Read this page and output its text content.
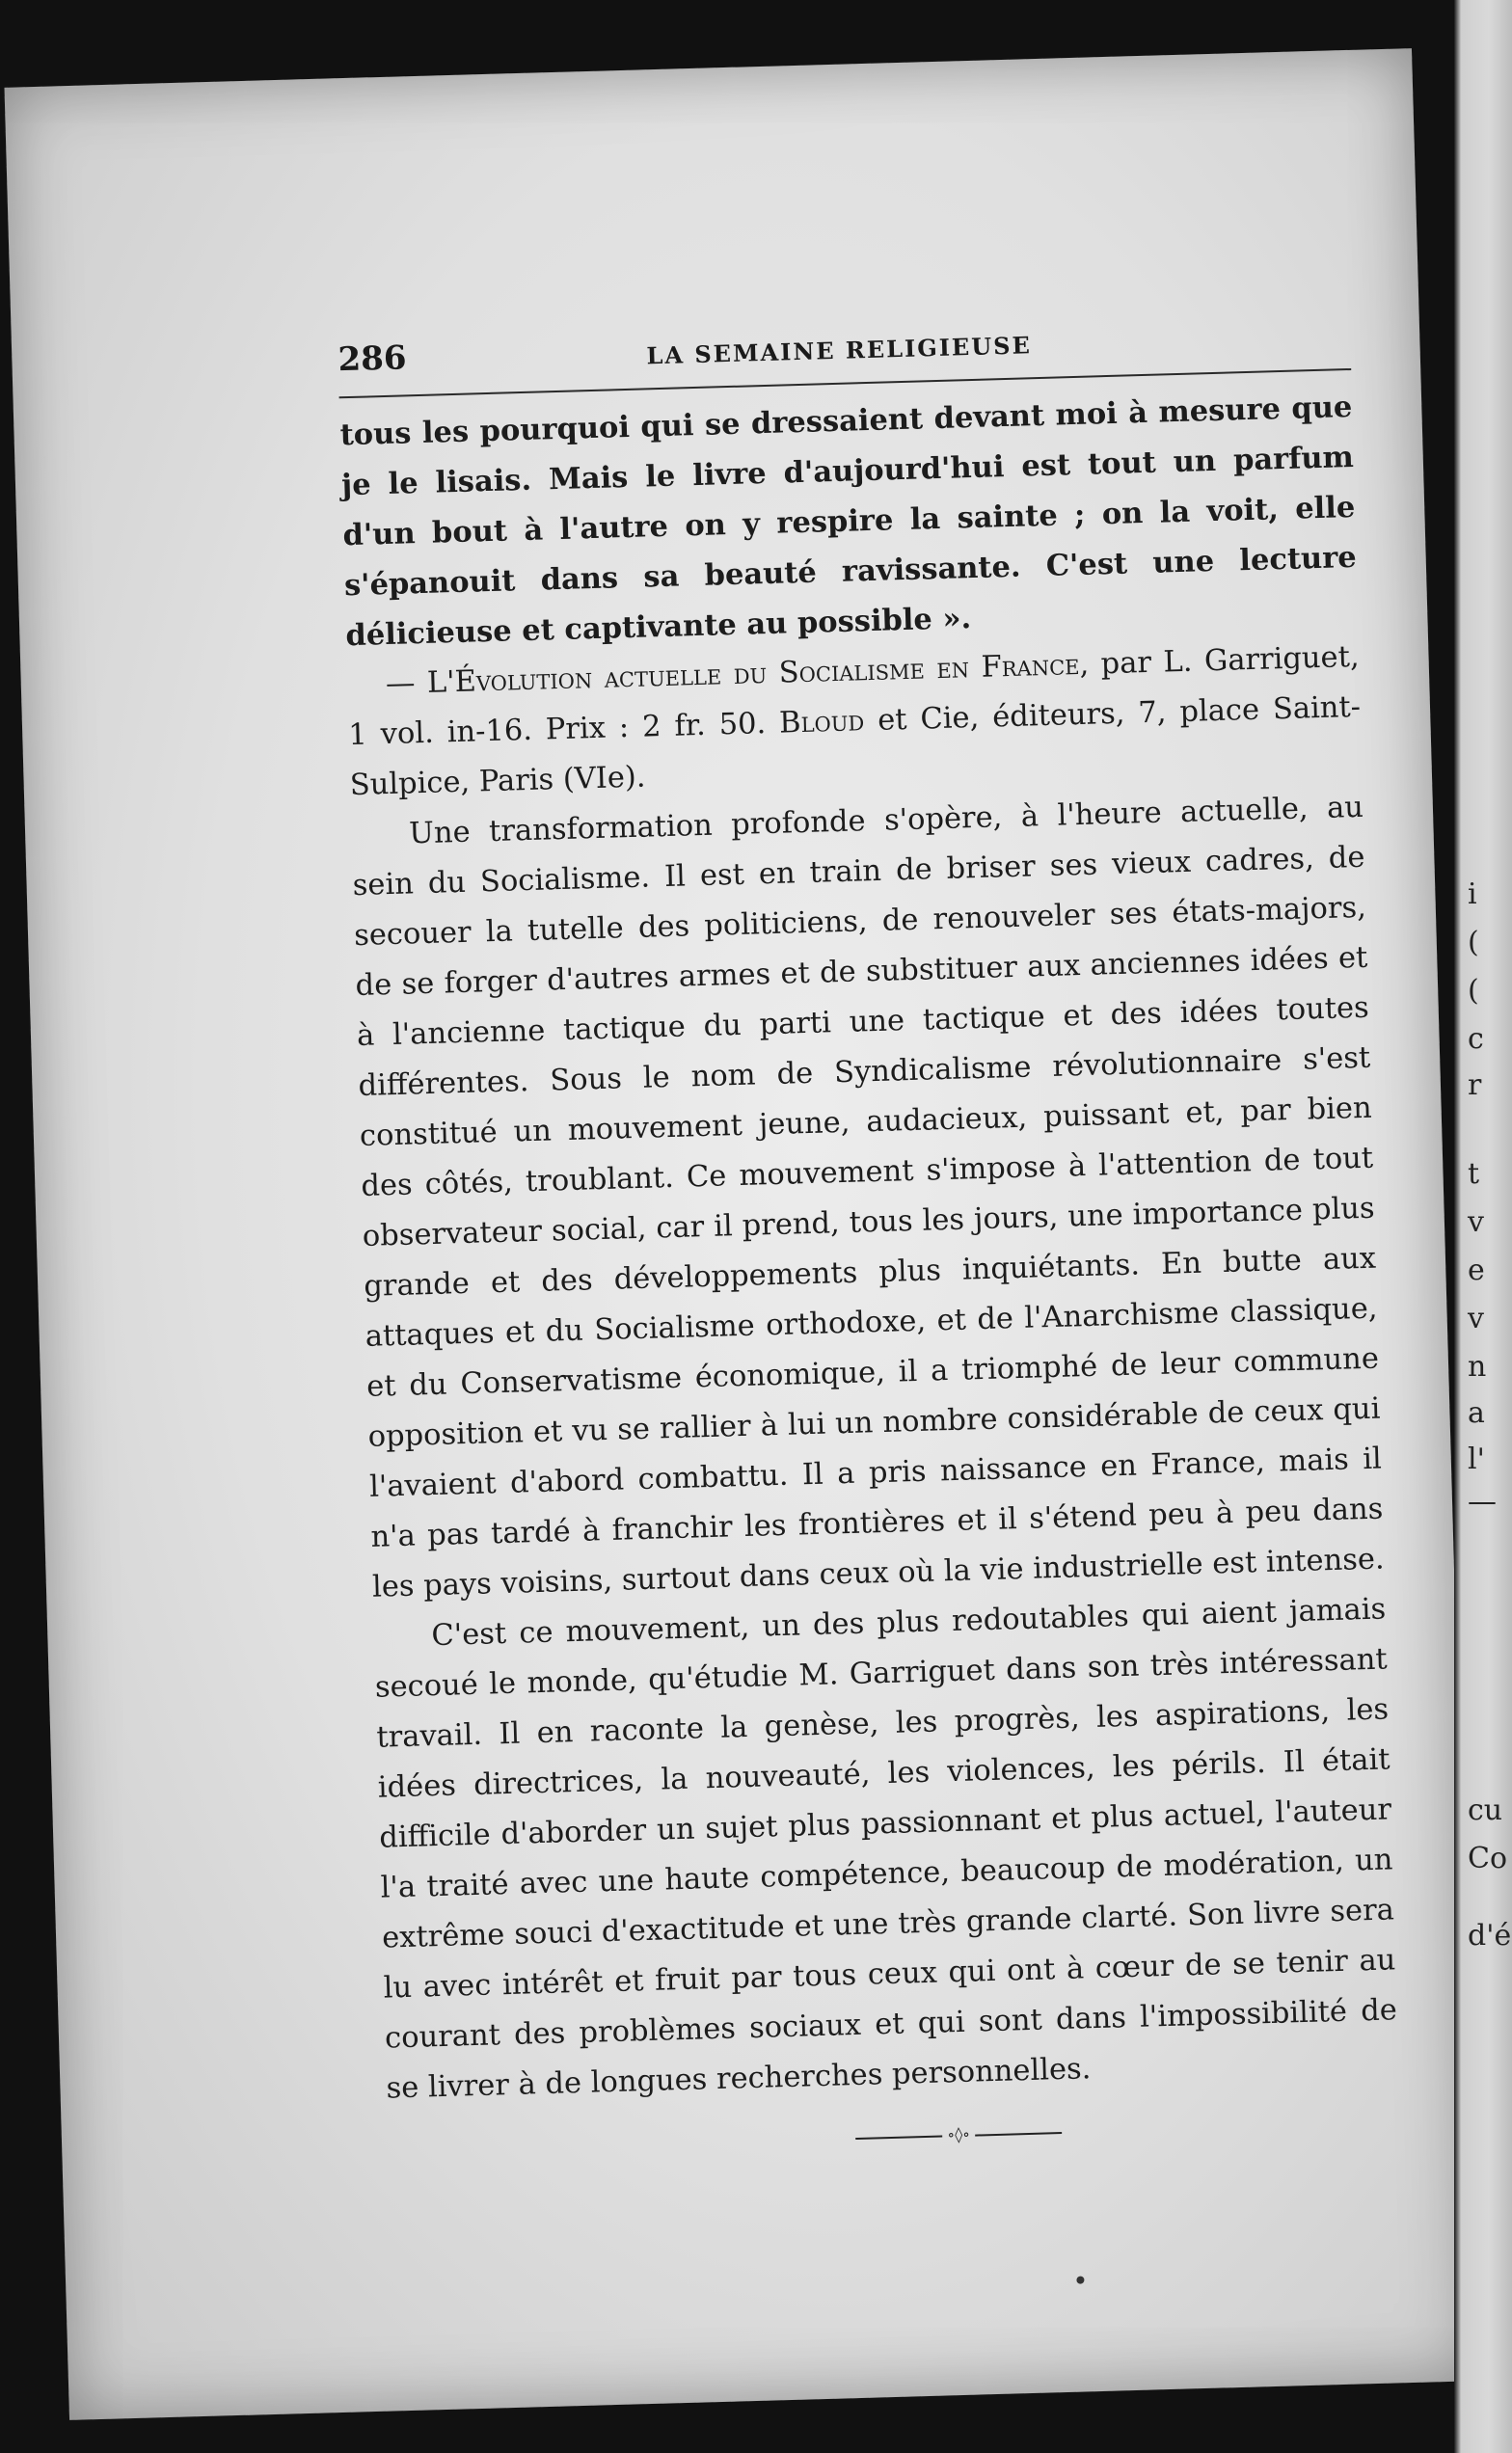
286	LA SEMAINE RELIGIEUSE

tous les pourquoi qui se dressaient devant moi à mesure que je le lisais. Mais le livre d'aujourd'hui est tout un parfum d'un bout à l'autre on y respire la sainte ; on la voit, elle s'épanouit dans sa beauté ravissante. C'est une lecture délicieuse et captivante au possible ».

— L'Évolution actuelle du Socialisme en France, par L. Garriguet, 1 vol. in-16. Prix : 2 fr. 50. Bloud et Cie, éditeurs, 7, place Saint-Sulpice, Paris (VIe).

Une transformation profonde s'opère, à l'heure actuelle, au sein du Socialisme. Il est en train de briser ses vieux cadres, de secouer la tutelle des politiciens, de renouveler ses états-majors, de se forger d'autres armes et de substituer aux anciennes idées et à l'ancienne tactique du parti une tactique et des idées toutes différentes. Sous le nom de Syndicalisme révolutionnaire s'est constitué un mouvement jeune, audacieux, puissant et, par bien des côtés, troublant. Ce mouvement s'impose à l'attention de tout observateur social, car il prend, tous les jours, une importance plus grande et des développements plus inquiétants. En butte aux attaques et du Socialisme orthodoxe, et de l'Anarchisme classique, et du Conservatisme économique, il a triomphé de leur commune opposition et vu se rallier à lui un nombre considérable de ceux qui l'avaient d'abord combattu. Il a pris naissance en France, mais il n'a pas tardé à franchir les frontières et il s'étend peu à peu dans les pays voisins, surtout dans ceux où la vie industrielle est intense.

C'est ce mouvement, un des plus redoutables qui aient jamais secoué le monde, qu'étudie M. Garriguet dans son très intéressant travail. Il en raconte la genèse, les progrès, les aspirations, les idées directrices, la nouveauté, les violences, les périls. Il était difficile d'aborder un sujet plus passionnant et plus actuel, l'auteur l'a traité avec une haute compétence, beaucoup de modération, un extrême souci d'exactitude et une très grande clarté. Son livre sera lu avec intérêt et fruit par tous ceux qui ont à cœur de se tenir au courant des problèmes sociaux et qui sont dans l'impossibilité de se livrer à de longues recherches personnelles.

∘◊∘
i
(
(
c
r
t
v
e
v
n
a
l'
—
cu
Co
d'é
